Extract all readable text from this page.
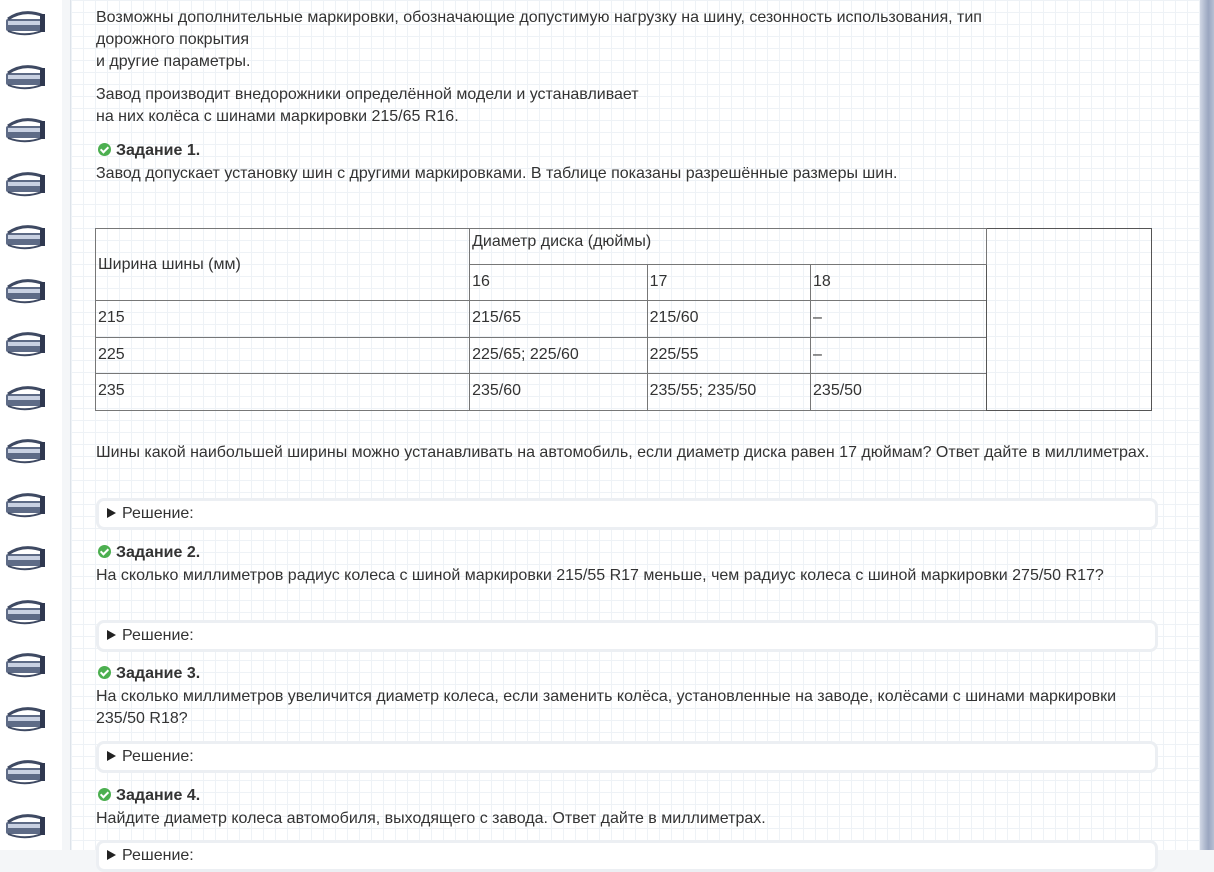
Возможны дополнительные маркировки, обозначающие допустимую нагрузку на шину, сезонность использования, тип
дорожного покрытия
и другие параметры.

Завод производит внедорожники определённой модели и устанавливает
на них колёса с шинами маркировки 215/65 R16.

Задание 1.
Завод допускает установку шин с другими маркировками. В таблице показаны разрешённые размеры шин.
Ширина шины (мм)	Диаметр диска (дюймы)			
	16	17	18	
215	215/65	215/60	–	
225	225/65; 225/60	225/55	–	
235	235/60	235/55; 235/50	235/50	
Шины какой наибольшей ширины можно устанавливать на автомобиль, если диаметр диска равен 17 дюймам? Ответ дайте в миллиметрах.
Решение:
Задание 2.
На сколько миллиметров радиус колеса с шиной маркировки 215/55 R17 меньше, чем радиус колеса с шиной маркировки 275/50 R17?
Решение:
Задание 3.
На сколько миллиметров увеличится диаметр колеса, если заменить колёса, установленные на заводе, колёсами с шинами маркировки 235/50 R18?
Решение:
Задание 4.
Найдите диаметр колеса автомобиля, выходящего с завода. Ответ дайте в миллиметрах.
Решение:
